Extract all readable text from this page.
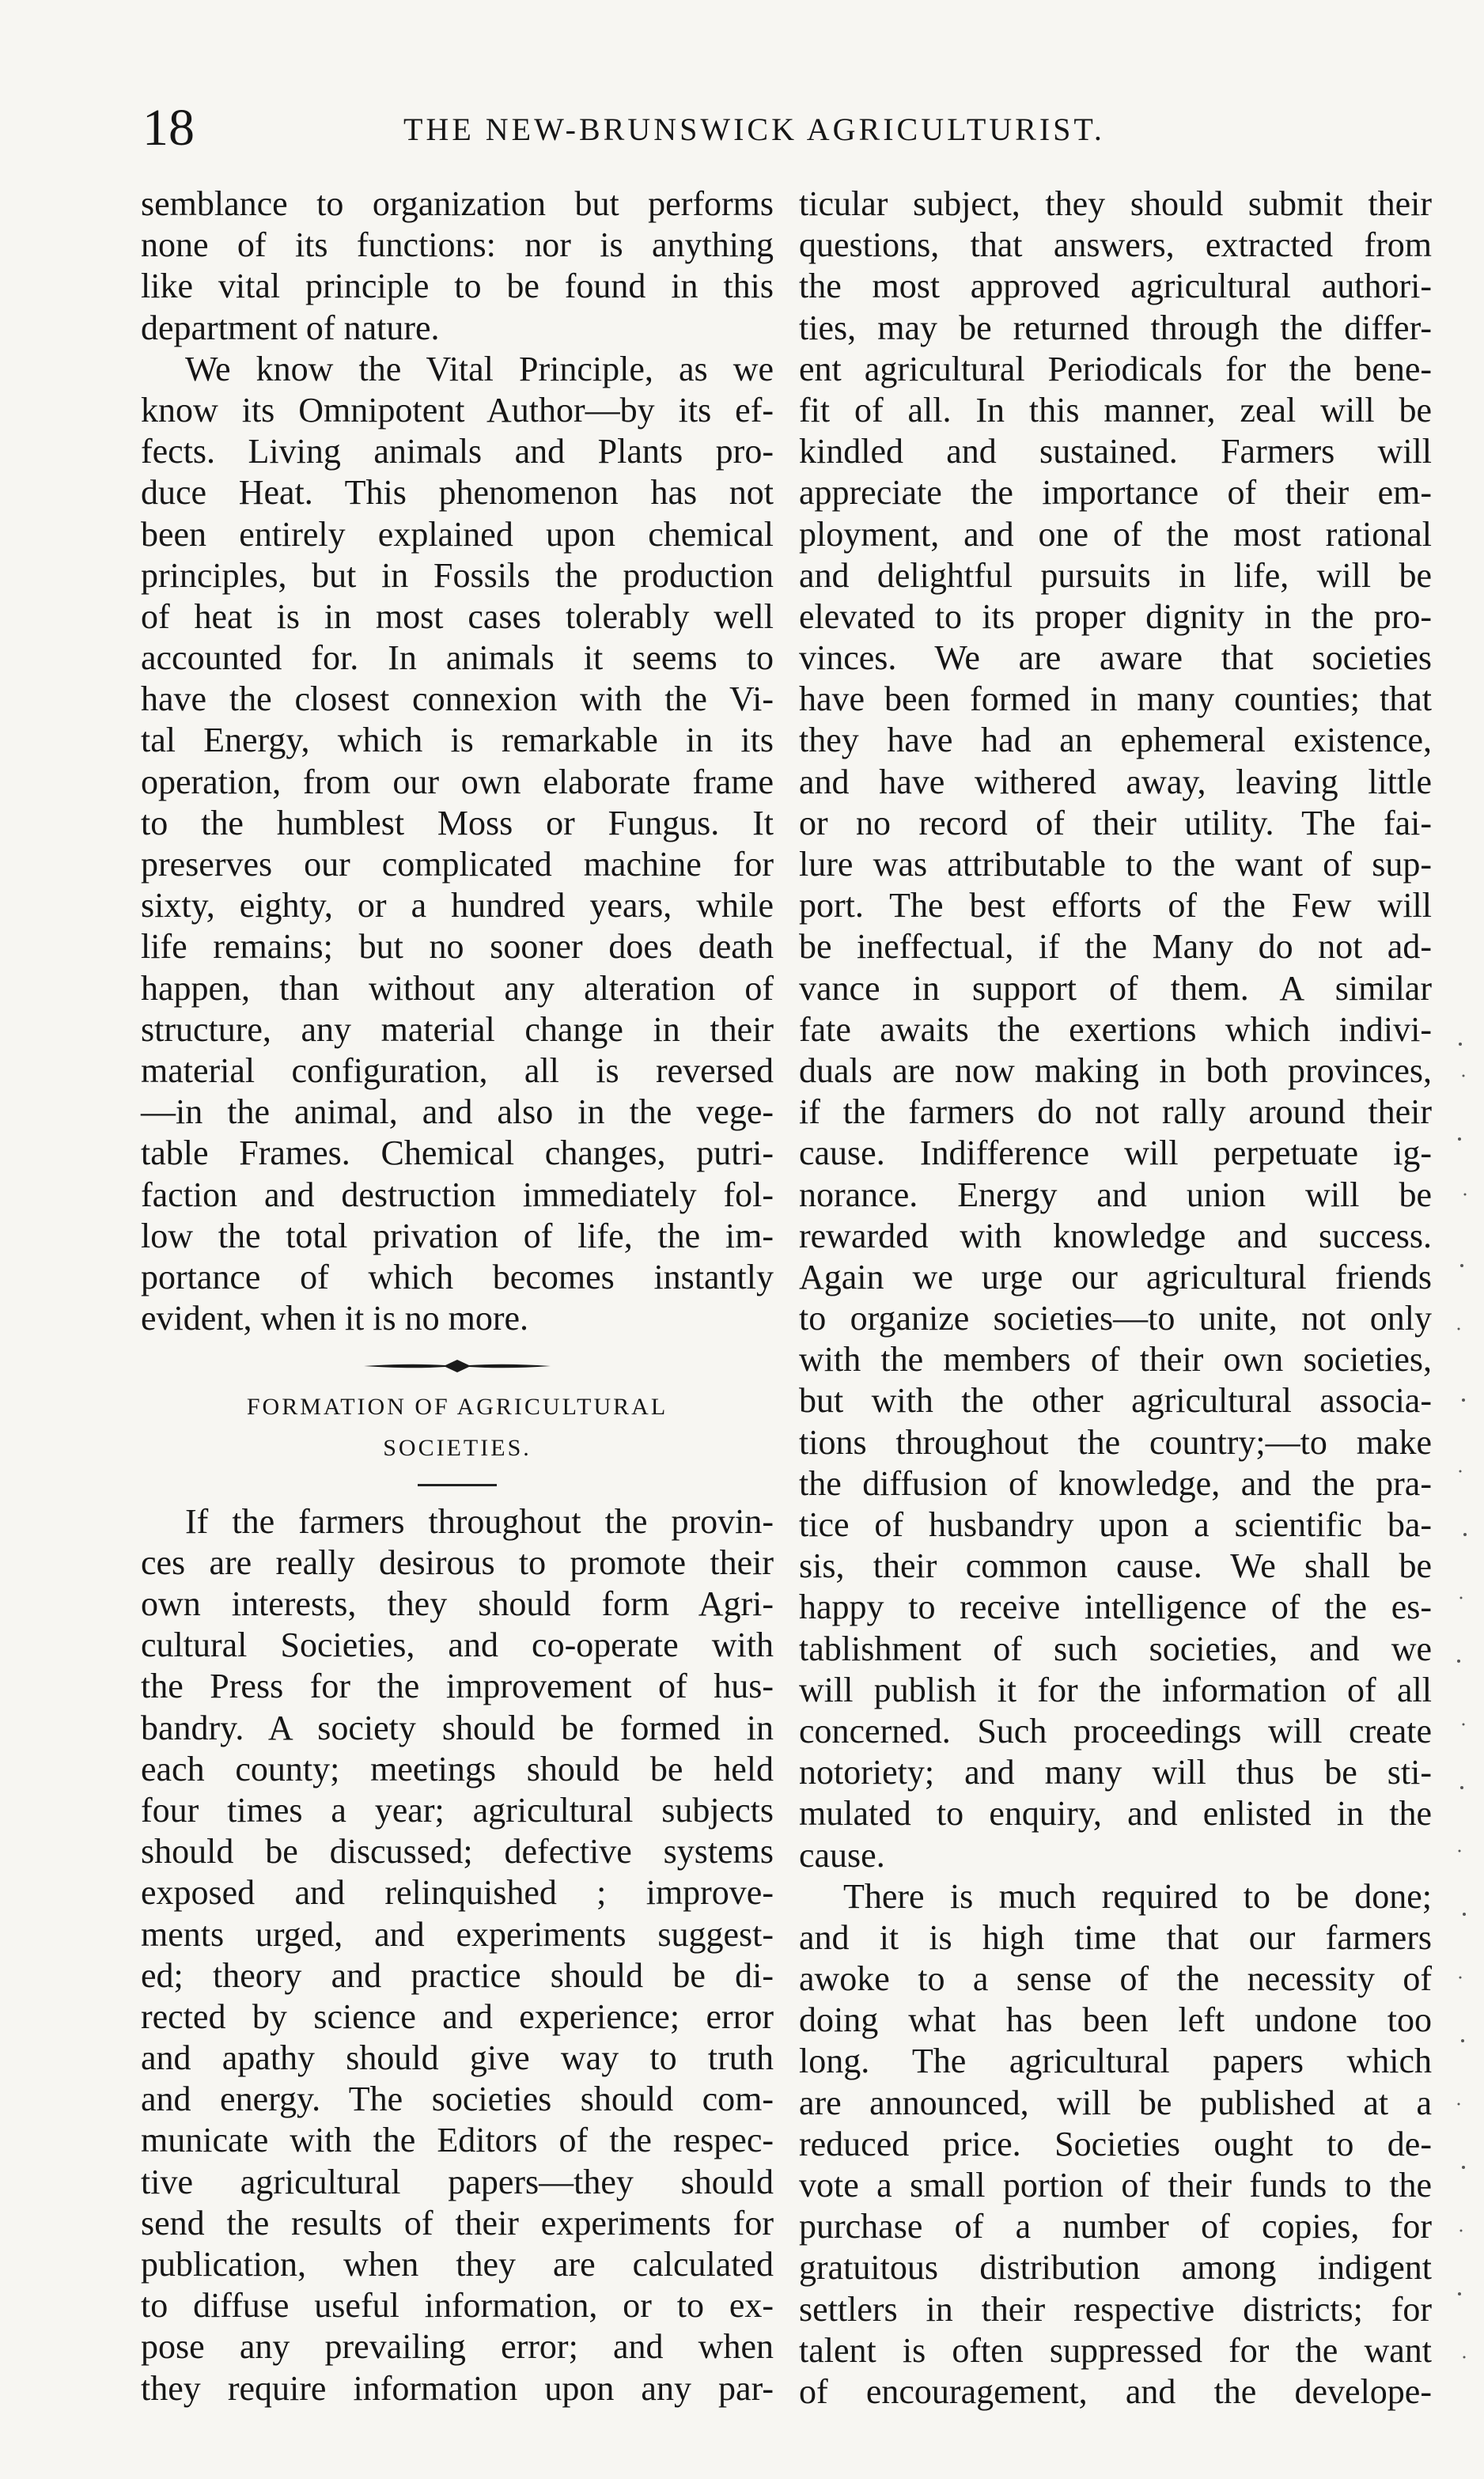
18	THE NEW-BRUNSWICK AGRICULTURIST.
semblance to organization but performs
none of its functions: nor is anything
like vital principle to be found in this
department of nature.
We know the Vital Principle, as we
know its Omnipotent Author—by its ef-
fects. Living animals and Plants pro-
duce Heat. This phenomenon has not
been entirely explained upon chemical
principles, but in Fossils the production
of heat is in most cases tolerably well
accounted for. In animals it seems to
have the closest connexion with the Vi-
tal Energy, which is remarkable in its
operation, from our own elaborate frame
to the humblest Moss or Fungus. It
preserves our complicated machine for
sixty, eighty, or a hundred years, while
life remains; but no sooner does death
happen, than without any alteration of
structure, any material change in their
material configuration, all is reversed
—in the animal, and also in the vege-
table Frames. Chemical changes, putri-
faction and destruction immediately fol-
low the total privation of life, the im-
portance of which becomes instantly
evident, when it is no more.
FORMATION OF AGRICULTURAL
SOCIETIES.
If the farmers throughout the provin-
ces are really desirous to promote their
own interests, they should form Agri-
cultural Societies, and co-operate with
the Press for the improvement of hus-
bandry. A society should be formed in
each county; meetings should be held
four times a year; agricultural subjects
should be discussed; defective systems
exposed and relinquished ; improve-
ments urged, and experiments suggest-
ed; theory and practice should be di-
rected by science and experience; error
and apathy should give way to truth
and energy. The societies should com-
municate with the Editors of the respec-
tive agricultural papers—they should
send the results of their experiments for
publication, when they are calculated
to diffuse useful information, or to ex-
pose any prevailing error; and when
they require information upon any par-
ticular subject, they should submit their
questions, that answers, extracted from
the most approved agricultural authori-
ties, may be returned through the differ-
ent agricultural Periodicals for the bene-
fit of all. In this manner, zeal will be
kindled and sustained. Farmers will
appreciate the importance of their em-
ployment, and one of the most rational
and delightful pursuits in life, will be
elevated to its proper dignity in the pro-
vinces. We are aware that societies
have been formed in many counties; that
they have had an ephemeral existence,
and have withered away, leaving little
or no record of their utility. The fai-
lure was attributable to the want of sup-
port. The best efforts of the Few will
be ineffectual, if the Many do not ad-
vance in support of them. A similar
fate awaits the exertions which indivi-
duals are now making in both provinces,
if the farmers do not rally around their
cause. Indifference will perpetuate ig-
norance. Energy and union will be
rewarded with knowledge and success.
Again we urge our agricultural friends
to organize societies—to unite, not only
with the members of their own societies,
but with the other agricultural associa-
tions throughout the country;—to make
the diffusion of knowledge, and the pra-
tice of husbandry upon a scientific ba-
sis, their common cause. We shall be
happy to receive intelligence of the es-
tablishment of such societies, and we
will publish it for the information of all
concerned. Such proceedings will create
notoriety; and many will thus be sti-
mulated to enquiry, and enlisted in the
cause.
There is much required to be done;
and it is high time that our farmers
awoke to a sense of the necessity of
doing what has been left undone too
long. The agricultural papers which
are announced, will be published at a
reduced price. Societies ought to de-
vote a small portion of their funds to the
purchase of a number of copies, for
gratuitous distribution among indigent
settlers in their respective districts; for
talent is often suppressed for the want
of encouragement, and the develope-
